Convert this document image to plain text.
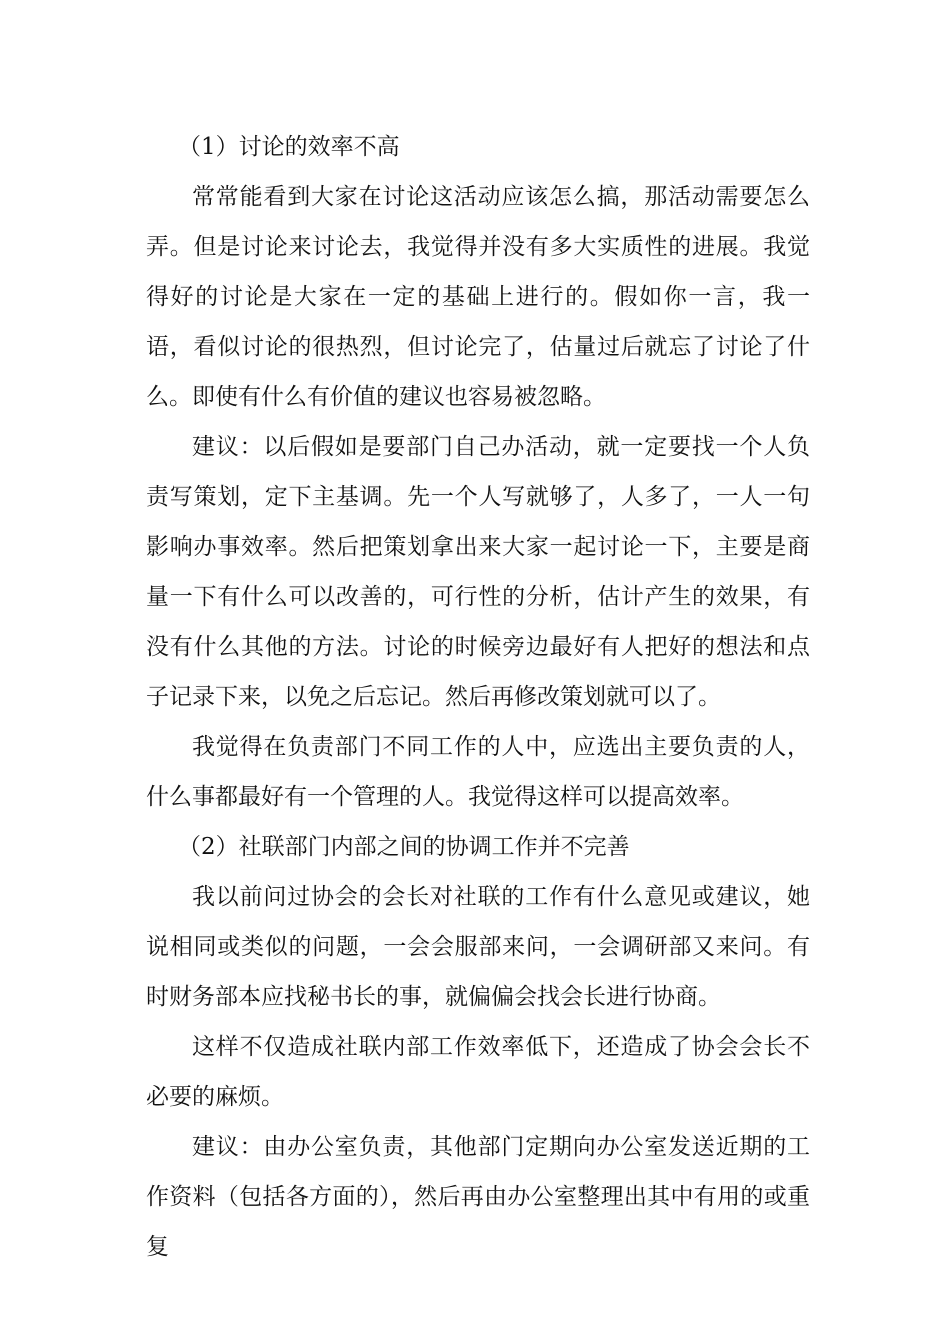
（1）讨论的效率不高

常常能看到大家在讨论这活动应该怎么搞，那活动需要怎么弄。但是讨论来讨论去，我觉得并没有多大实质性的进展。我觉得好的讨论是大家在一定的基础上进行的。假如你一言，我一语，看似讨论的很热烈，但讨论完了，估量过后就忘了讨论了什么。即使有什么有价值的建议也容易被忽略。

建议：以后假如是要部门自己办活动，就一定要找一个人负责写策划，定下主基调。先一个人写就够了，人多了，一人一句影响办事效率。然后把策划拿出来大家一起讨论一下，主要是商量一下有什么可以改善的，可行性的分析，估计产生的效果，有没有什么其他的方法。讨论的时候旁边最好有人把好的想法和点子记录下来，以免之后忘记。然后再修改策划就可以了。

我觉得在负责部门不同工作的人中，应选出主要负责的人，什么事都最好有一个管理的人。我觉得这样可以提高效率。

（2）社联部门内部之间的协调工作并不完善

我以前问过协会的会长对社联的工作有什么意见或建议，她说相同或类似的问题，一会会服部来问，一会调研部又来问。有时财务部本应找秘书长的事，就偏偏会找会长进行协商。

这样不仅造成社联内部工作效率低下，还造成了协会会长不必要的麻烦。

建议：由办公室负责，其他部门定期向办公室发送近期的工作资料（包括各方面的），然后再由办公室整理出其中有用的或重复
